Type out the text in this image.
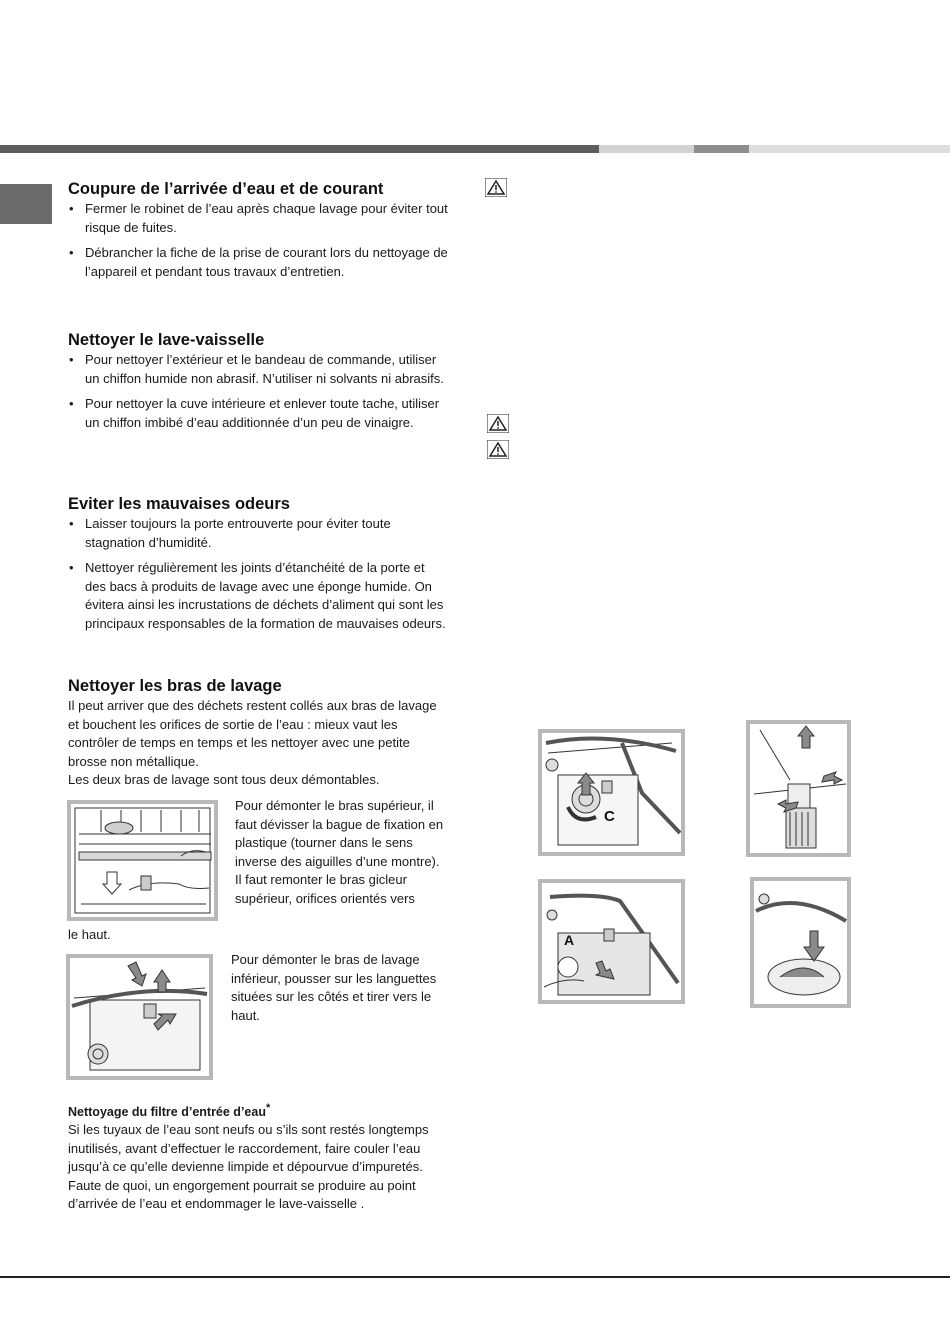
Coupure de l’arrivée d’eau et de courant
• Fermer le robinet de l’eau après chaque lavage pour éviter tout risque de fuites.
• Débrancher la fiche de la prise de courant lors du nettoyage de l’appareil et pendant tous travaux d’entretien.
Nettoyer le lave-vaisselle
• Pour nettoyer l’extérieur et le bandeau de commande, utiliser un chiffon humide non abrasif. N’utiliser ni solvants ni abrasifs.
• Pour nettoyer la cuve intérieure et enlever toute tache, utiliser un chiffon imbibé d’eau additionnée d’un peu de vinaigre.
Eviter les mauvaises odeurs
• Laisser toujours la porte entrouverte pour éviter toute stagnation d’humidité.
• Nettoyer régulièrement les joints d’étanchéité de la porte et des bacs à produits de lavage avec une éponge humide. On évitera ainsi les incrustations de déchets d’aliment qui sont les principaux responsables de la formation de mauvaises odeurs.
Nettoyer les bras de lavage

Il peut arriver que des déchets restent collés aux bras de lavage et bouchent les orifices de sortie de l’eau : mieux vaut les contrôler de temps en temps et les nettoyer avec une petite brosse non métallique.

Les deux bras de lavage sont tous deux démontables.

Pour démonter le bras supérieur, il faut dévisser la bague de fixation en plastique (tourner dans le sens inverse des aiguilles d’une montre).

Il faut remonter le bras gicleur supérieur, orifices orientés vers

le haut.

Pour démonter le bras de lavage inférieur, pousser sur les languettes situées sur les côtés et tirer vers le haut.

Nettoyage du filtre d’entrée d’eau*

Si les tuyaux de l’eau sont neufs ou s’ils sont restés longtemps inutilisés, avant d’effectuer le raccordement, faire couler l’eau jusqu’à ce qu’elle devienne limpide et dépourvue d’impuretés. Faute de quoi, un engorgement pourrait se produire au point d’arrivée de l’eau et endommager le lave-vaisselle .

C
A
